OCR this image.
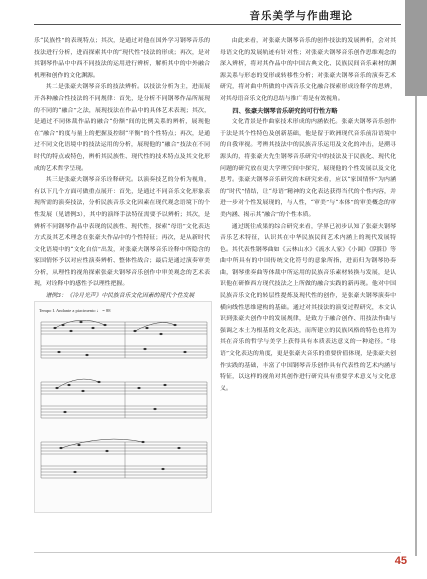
音乐美学与作曲理论

乐“民族性”的表现特点；其次，是通过对他在国外学习钢琴音乐的技法进行分析，进而探索其中的“现代性”技法的形成；再次，是对其钢琴作品中中西不同技法的运用进行辨析，解析其中的中外融合机理和创作的文化渊源。

其二是张豪夫钢琴音乐的技法辨析。以技法分析为主，进而展开各种融合性技法的不同规律：首先，是分析不同钢琴作品所展现的不同的“融合”之法，展现技法在作品中的具体艺术表现；其次，是通过不同体裁作品的融合“份额”间的比例关系的辨析，展现他在“融合”的度与量上的把握及控制“平衡”的个性特点；再次，是通过不同文化语境中的技法运用的分析，展现他的“融合”技法在不同时代的特点或特色，辨析其民族性、现代性的技术特点及其文化形成的艺术哲学呈现。

其三是张豪夫钢琴音乐诠释研究。以演奏技艺的分析为视角，有以下几个方面可做重点展开：首先，是通过不同音乐文化形象表现所需的演奏技法，分析民族音乐文化因素在现代观念语境下的个性发展（见谱例3），其中的演绎手法特征需要予以辨析；其次，是辨析不同钢琴作品中表现的民族性、现代性，探索“母语”文化表达方式及其艺术理念在张豪夫作品中的个性特征；再次，是从新时代文化语境中的“文化自信”出发，对张豪夫钢琴音乐诠释中所隐含的家国情怀予以对应性演奏辨析、整体性战合；最后是通过演奏审美分析，从理性的视角探索张豪夫钢琴音乐创作中审美观念的艺术表现，对诠释中的感性予以理性把握。

谱例3：《冷月光声》中民族音乐文化因素的现代个性发展

Tempo I. Andante a piacimento ♩ = 88

由此来看，对张豪夫钢琴音乐的创作技法的发展辨析，会对其母语文化的发展轨迹有针对性；对张豪夫钢琴音乐创作思维观念的深入辨析，将对其作品中的中国古典文化、民族民间音乐素材的渊源关系与形态的变形或转移性分析；对张豪夫钢琴音乐的演奏艺术研究，将对曲中所做的中西音乐文化融合探索形成诠释学的思辨，对其母语音乐文化的总结与推广将是有效视角。

四、张豪夫钢琴音乐研究的可行性方略

文化背景是作曲家技术形成的内涵依托。张豪夫钢琴音乐创作于法是其个性特色及创新基础，他是留于欧洲现代音乐前沿语境中的自我审视。考辨其技法中的民族音乐运用及文化的冲击，是溯寻源头的，将张豪夫先生钢琴音乐研究中的技法及于民族化、现代化问题的研究放在更大学理空间中探究，展现他的个性发展以及文化思考。张豪夫钢琴音乐研究的本研究来看，应以“家国情怀”为内涵的“时代”情结，让“母语”精神的文化表达获得当代的个性内容，并进一步对个性发展现的，与人性，“审美”与“本体”的审美概念的审美内涵、揭示其“融合”的个性本质。

通过既往成果的综合研究来看，学界已初步认知了张豪夫钢琴音乐艺术特征，认识其在中华民族民间艺术内涵上的现代发展特色。其代表性钢琴曲如《云林山水》《流水人家》《小调》《阴阳》等曲中所具有的中国传统文化符号的意象所指，进而归为钢琴协奏曲，钢琴重奏曲等体裁中所运用的民族音乐素材转换与发展，是认识他在研修西方现代技法之上所做的融合实践的新再现。他对中国民族音乐文化的转层性提炼及现代性的创作，是张豪夫钢琴演奏中横向线性思维建构的基础。通过对其技法的演变过程研究，本文认识到张豪夫创作中的发展规律，是致力于融合创作、用技法作曲与强调之本土为根基的文化表达，而所建立的民族风格的特色也将为其在音乐的哲学与美学上获得具有本质表达意义的一种途径。“母语”文化表达的角度，更是张豪夫音乐的重要价值体现，是张豪夫创作实践的基础，丰富了中国钢琴音乐创作具有代表性的艺术内涵与特征，以这样的视角对其创作进行研究具有重要学术意义与文化意义。

45
